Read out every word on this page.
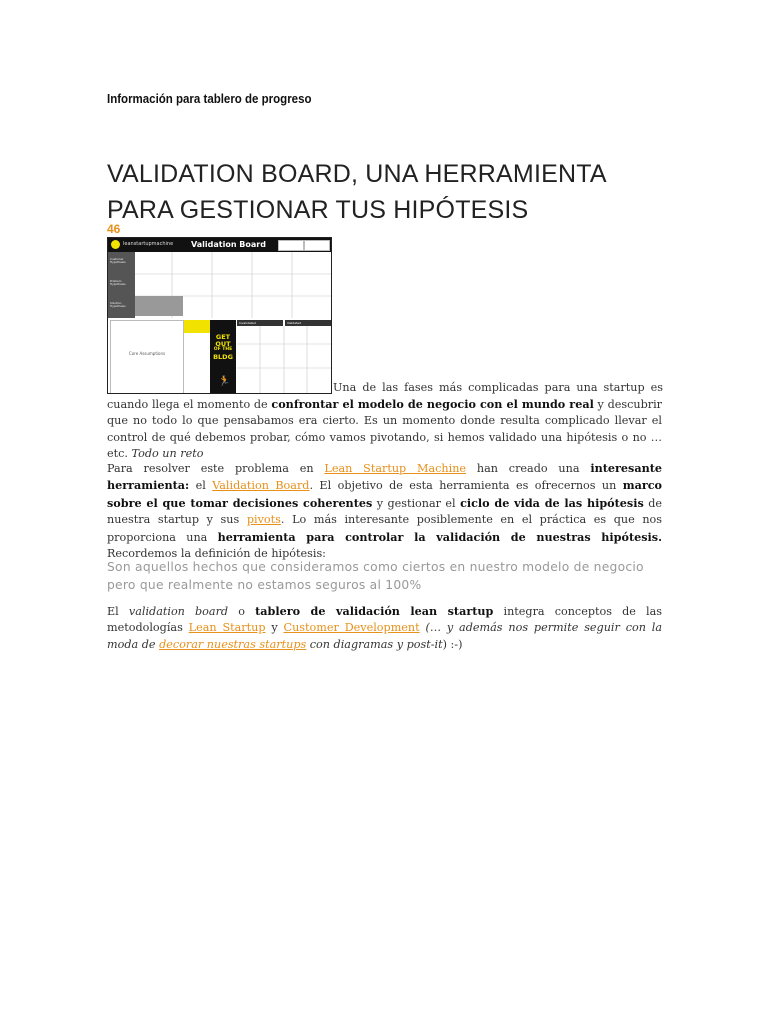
Información para tablero de progreso
VALIDATION BOARD, UNA HERRAMIENTA
PARA GESTIONAR TUS HIPÓTESIS
46
leanstartupmachine Validation Board
Customer Hypothesis
Problem Hypothesis
Solution Hypothesis
Core Assumptions
GET
OUT
OF THE
BLDG
🏃
Invalidated	Validated
Una de las fases más complicadas para una startup es
cuando llega el momento de confrontar el modelo de negocio con el mundo real y descubrir que no todo lo que pensabamos era cierto. Es un momento donde resulta complicado llevar el control de qué debemos probar, cómo vamos pivotando, si hemos validado una hipótesis o no …etc. Todo un reto
Para resolver este problema en Lean Startup Machine han creado una interesante herramienta: el Validation Board. El objetivo de esta herramienta es ofrecernos un marco sobre el que tomar decisiones coherentes y gestionar el ciclo de vida de las hipótesis de nuestra startup y sus pivots. Lo más interesante posiblemente en el práctica es que nos proporciona una herramienta para controlar la validación de nuestras hipótesis. Recordemos la definición de hipótesis:
Son aquellos hechos que consideramos como ciertos en nuestro modelo de negocio pero que realmente no estamos seguros al 100%
El validation board o tablero de validación lean startup integra conceptos de las metodologías Lean Startup y Customer Development (… y además nos permite seguir con la moda de decorar nuestras startups con diagramas y post-it) :-)
